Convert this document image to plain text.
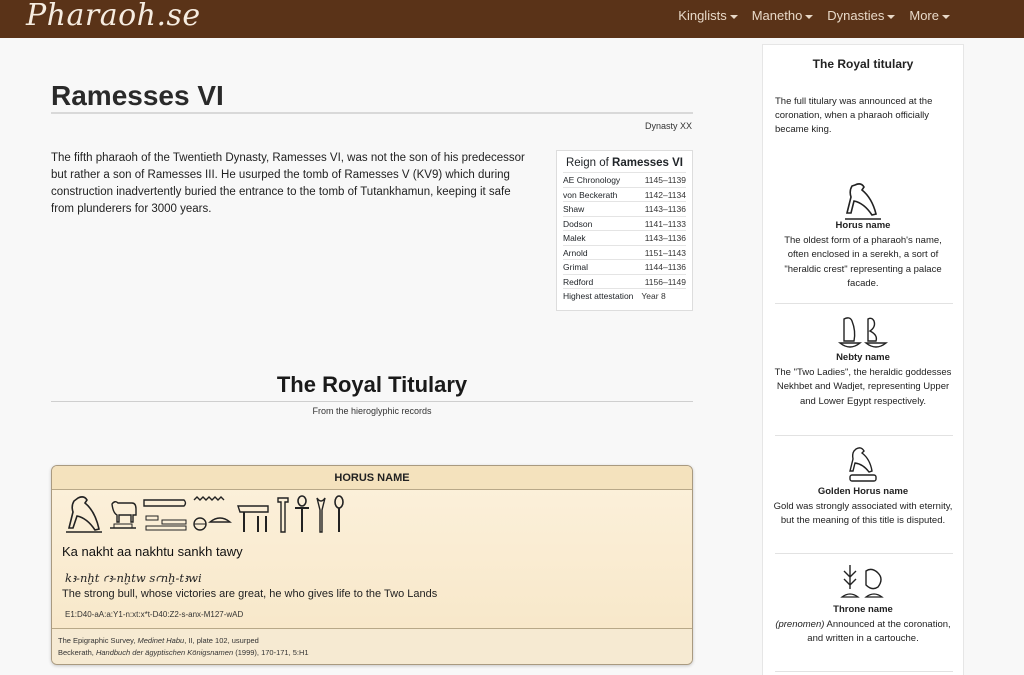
Pharaoh.se	Kinglists	Manetho	Dynasties	More
Ramesses VI
Dynasty XX

The fifth pharaoh of the Twentieth Dynasty, Ramesses VI, was not the son of his predecessor but rather a son of Ramesses III. He usurped the tomb of Ramesses V (KV9) which during construction inadvertently buried the entrance to the tomb of Tutankhamun, keeping it safe from plunderers for 3000 years.

Reign of Ramesses VI
AE Chronology	1145–1139
von Beckerath	1142–1134
Shaw	1143–1136
Dodson	1141–1133
Malek	1143–1136
Arnold	1151–1143
Grimal	1144–1136
Redford	1156–1149
Highest attestation Year 8
The Royal Titulary
From the hieroglyphic records
HORUS NAME
Ka nakht aa nakhtu sankh tawy
kꜣ-nḫt ꜥꜣ-nḫtw sꜥnḫ-tꜣwi
The strong bull, whose victories are great, he who gives life to the Two Lands
E1:D40-aA:a:Y1-n:xt:x*t-D40:Z2-s-anx-M127-wAD
The Epigraphic Survey, Medinet Habu, II, plate 102, usurped
Beckerath, Handbuch der ägyptischen Königsnamen (1999), 170-171, 5:H1
The Royal titulary
The full titulary was announced at the coronation, when a pharaoh officially became king.
Horus name
The oldest form of a pharaoh's name, often enclosed in a serekh, a sort of "heraldic crest" representing a palace facade.
Nebty name
The "Two Ladies", the heraldic goddesses Nekhbet and Wadjet, representing Upper and Lower Egypt respectively.
Golden Horus name
Gold was strongly associated with eternity, but the meaning of this title is disputed.
Throne name
(prenomen) Announced at the coronation, and written in a cartouche.
